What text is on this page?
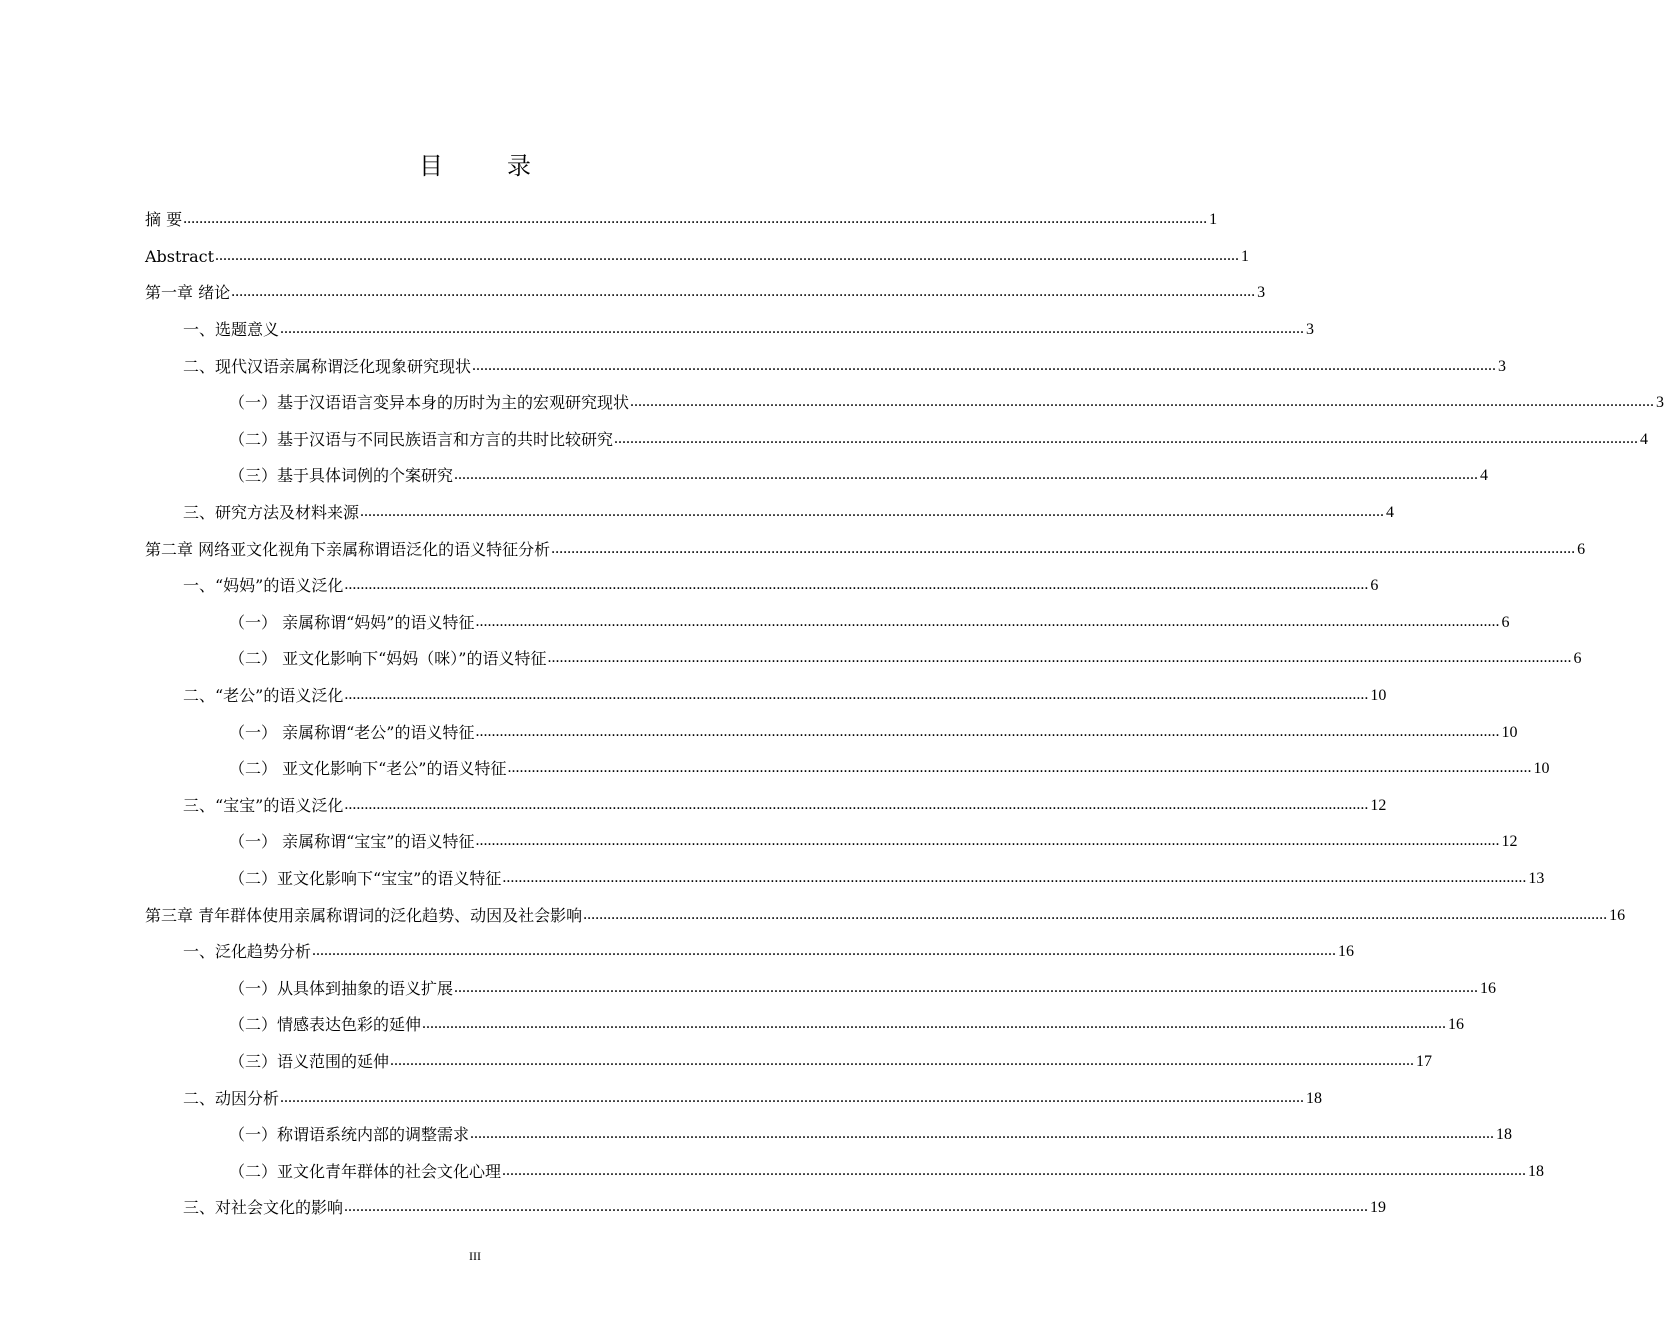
目　录
摘 要 ................................................................................................................................................................................................................................................................ 1
Abstract ................................................................................................................................................................................................................................................................ 1
第一章 绪论 ................................................................................................................................................................................................................................................................ 3
一、选题意义 ................................................................................................................................................................................................................................................................ 3
二、现代汉语亲属称谓泛化现象研究现状 ................................................................................................................................................................................................................................................................ 3
（一）基于汉语语言变异本身的历时为主的宏观研究现状 ................................................................................................................................................................................................................................................................ 3
（二）基于汉语与不同民族语言和方言的共时比较研究 ................................................................................................................................................................................................................................................................ 4
（三）基于具体词例的个案研究 ................................................................................................................................................................................................................................................................ 4
三、研究方法及材料来源 ................................................................................................................................................................................................................................................................ 4
第二章 网络亚文化视角下亲属称谓语泛化的语义特征分析 ................................................................................................................................................................................................................................................................ 6
一、“妈妈”的语义泛化 ................................................................................................................................................................................................................................................................ 6
（一） 亲属称谓“妈妈”的语义特征 ................................................................................................................................................................................................................................................................ 6
（二） 亚文化影响下“妈妈（咪）”的语义特征 ................................................................................................................................................................................................................................................................ 6
二、“老公”的语义泛化 ................................................................................................................................................................................................................................................................ 10
（一） 亲属称谓“老公”的语义特征 ................................................................................................................................................................................................................................................................ 10
（二） 亚文化影响下“老公”的语义特征 ................................................................................................................................................................................................................................................................ 10
三、“宝宝”的语义泛化 ................................................................................................................................................................................................................................................................ 12
（一） 亲属称谓“宝宝”的语义特征 ................................................................................................................................................................................................................................................................ 12
（二）亚文化影响下“宝宝”的语义特征 ................................................................................................................................................................................................................................................................ 13
第三章 青年群体使用亲属称谓词的泛化趋势、动因及社会影响 ................................................................................................................................................................................................................................................................ 16
一、泛化趋势分析 ................................................................................................................................................................................................................................................................ 16
（一）从具体到抽象的语义扩展 ................................................................................................................................................................................................................................................................ 16
（二）情感表达色彩的延伸 ................................................................................................................................................................................................................................................................ 16
（三）语义范围的延伸 ................................................................................................................................................................................................................................................................ 17
二、动因分析 ................................................................................................................................................................................................................................................................ 18
（一）称谓语系统内部的调整需求 ................................................................................................................................................................................................................................................................ 18
（二）亚文化青年群体的社会文化心理 ................................................................................................................................................................................................................................................................ 18
三、对社会文化的影响 ................................................................................................................................................................................................................................................................ 19
III
